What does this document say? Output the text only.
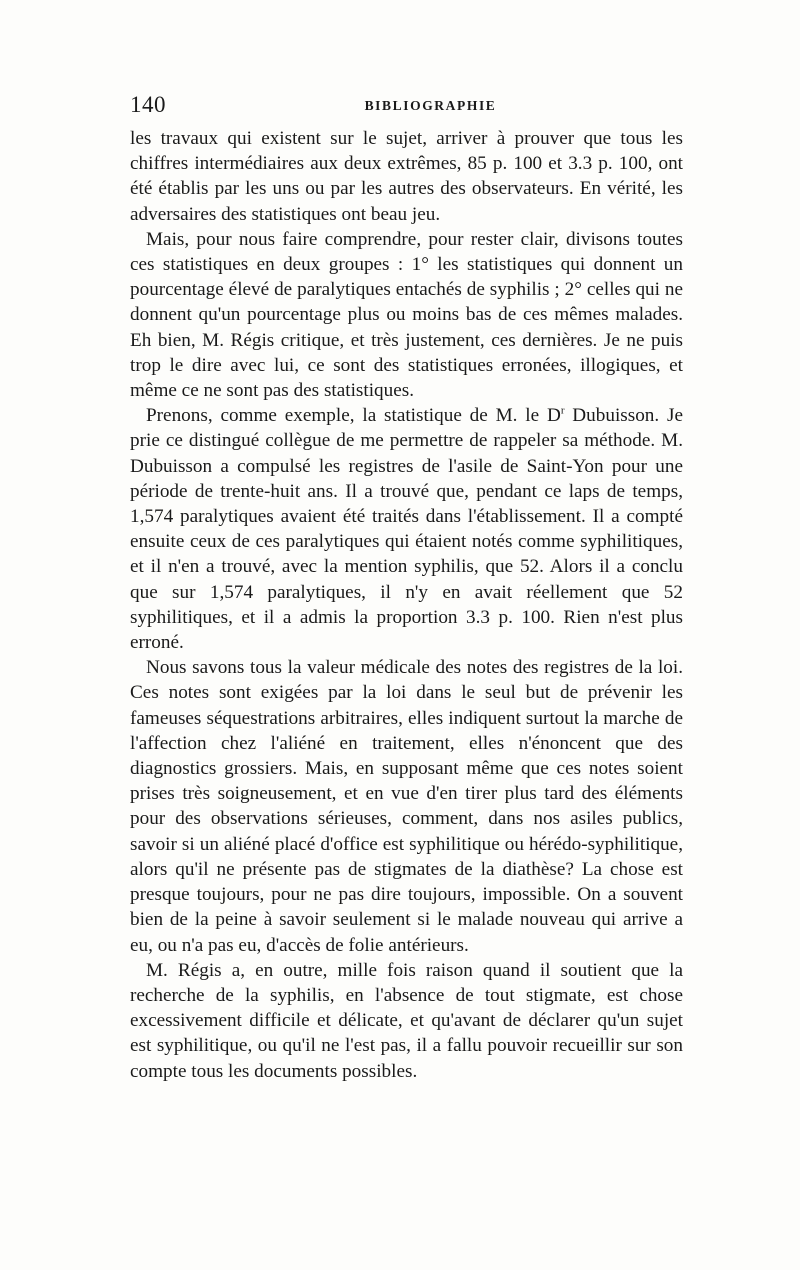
140	BIBLIOGRAPHIE

les travaux qui existent sur le sujet, arriver à prouver que tous les chiffres intermédiaires aux deux extrêmes, 85 p. 100 et 3.3 p. 100, ont été établis par les uns ou par les autres des observateurs. En vérité, les adversaires des statistiques ont beau jeu.

Mais, pour nous faire comprendre, pour rester clair, divisons toutes ces statistiques en deux groupes : 1° les statistiques qui donnent un pourcentage élevé de paralytiques entachés de syphilis ; 2° celles qui ne donnent qu'un pourcentage plus ou moins bas de ces mêmes malades. Eh bien, M. Régis critique, et très justement, ces dernières. Je ne puis trop le dire avec lui, ce sont des statistiques erronées, illogiques, et même ce ne sont pas des statistiques.

Prenons, comme exemple, la statistique de M. le $D^r$ Dubuisson. Je prie ce distingué collègue de me permettre de rappeler sa méthode. M. Dubuisson a compulsé les registres de l'asile de Saint-Yon pour une période de trente-huit ans. Il a trouvé que, pendant ce laps de temps, 1,574 paralytiques avaient été traités dans l'établissement. Il a compté ensuite ceux de ces paralytiques qui étaient notés comme syphilitiques, et il n'en a trouvé, avec la mention syphilis, que 52. Alors il a conclu que sur 1,574 paralytiques, il n'y en avait réellement que 52 syphilitiques, et il a admis la proportion 3.3 p. 100. Rien n'est plus erroné.

Nous savons tous la valeur médicale des notes des registres de la loi. Ces notes sont exigées par la loi dans le seul but de prévenir les fameuses séquestrations arbitraires, elles indiquent surtout la marche de l'affection chez l'aliéné en traitement, elles n'énoncent que des diagnostics grossiers. Mais, en supposant même que ces notes soient prises très soigneusement, et en vue d'en tirer plus tard des éléments pour des observations sérieuses, comment, dans nos asiles publics, savoir si un aliéné placé d'office est syphilitique ou hérédo-syphilitique, alors qu'il ne présente pas de stigmates de la diathèse? La chose est presque toujours, pour ne pas dire toujours, impossible. On a souvent bien de la peine à savoir seulement si le malade nouveau qui arrive a eu, ou n'a pas eu, d'accès de folie antérieurs.

M. Régis a, en outre, mille fois raison quand il soutient que la recherche de la syphilis, en l'absence de tout stigmate, est chose excessivement difficile et délicate, et qu'avant de déclarer qu'un sujet est syphilitique, ou qu'il ne l'est pas, il a fallu pouvoir recueillir sur son compte tous les documents possibles.
